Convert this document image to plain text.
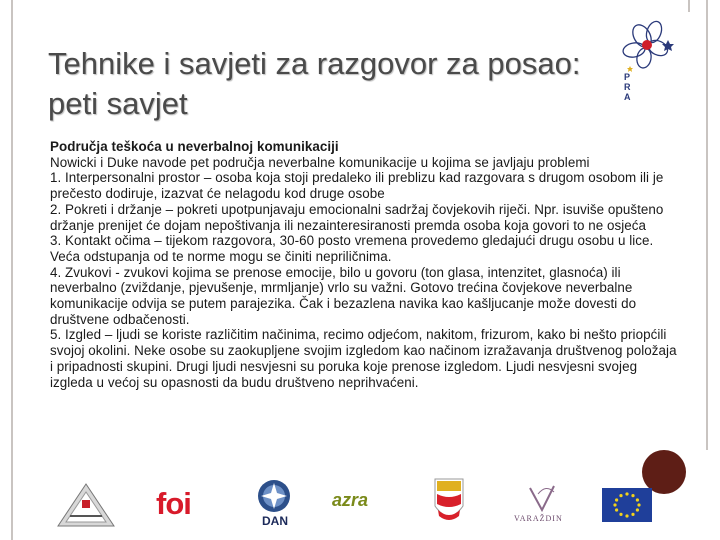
Tehnike i savjeti za razgovor za posao: peti savjet
P
R
A

Područja teškoća u neverbalnoj komunikaciji

Nowicki i Duke navode pet područja neverbalne komunikacije u kojima se javljaju problemi

1. Interpersonalni prostor – osoba koja stoji predaleko ili preblizu kad razgovara s drugom osobom ili je prečesto dodiruje, izazvat će nelagodu kod druge osobe

2. Pokreti i držanje – pokreti upotpunjavaju emocionalni sadržaj čovjekovih riječi. Npr. isuviše opušteno držanje prenijet će dojam nepoštivanja ili nezainteresiranosti premda osoba koja govori to ne osjeća

3. Kontakt očima – tijekom razgovora, 30-60 posto vremena provedemo gledajući drugu osobu u lice. Veća odstupanja od te norme mogu se činiti nepriličnima.

4. Zvukovi - zvukovi kojima se prenose emocije, bilo u govoru (ton glasa, intenzitet, glasnoća) ili neverbalno (zviždanje, pjevušenje, mrmljanje) vrlo su važni. Gotovo trećina čovjekove neverbalne komunikacije odvija se putem parajezika. Čak i bezazlena navika kao kašljucanje može dovesti do društvene odbačenosti.

5. Izgled – ljudi se koriste različitim načinima, recimo odjećom, nakitom, frizurom, kako bi nešto priopćili svojoj okolini. Neke osobe su zaokupljene svojim izgledom kao načinom izražavanja društvenog položaja i pripadnosti skupini. Drugi ljudi nesvjesni su poruka koje prenose izgledom. Ljudi nesvjesni svojeg izgleda u većoj su opasnosti da budu društveno neprihvaćeni.

foi	DAN
azra
VARAŽDIN
